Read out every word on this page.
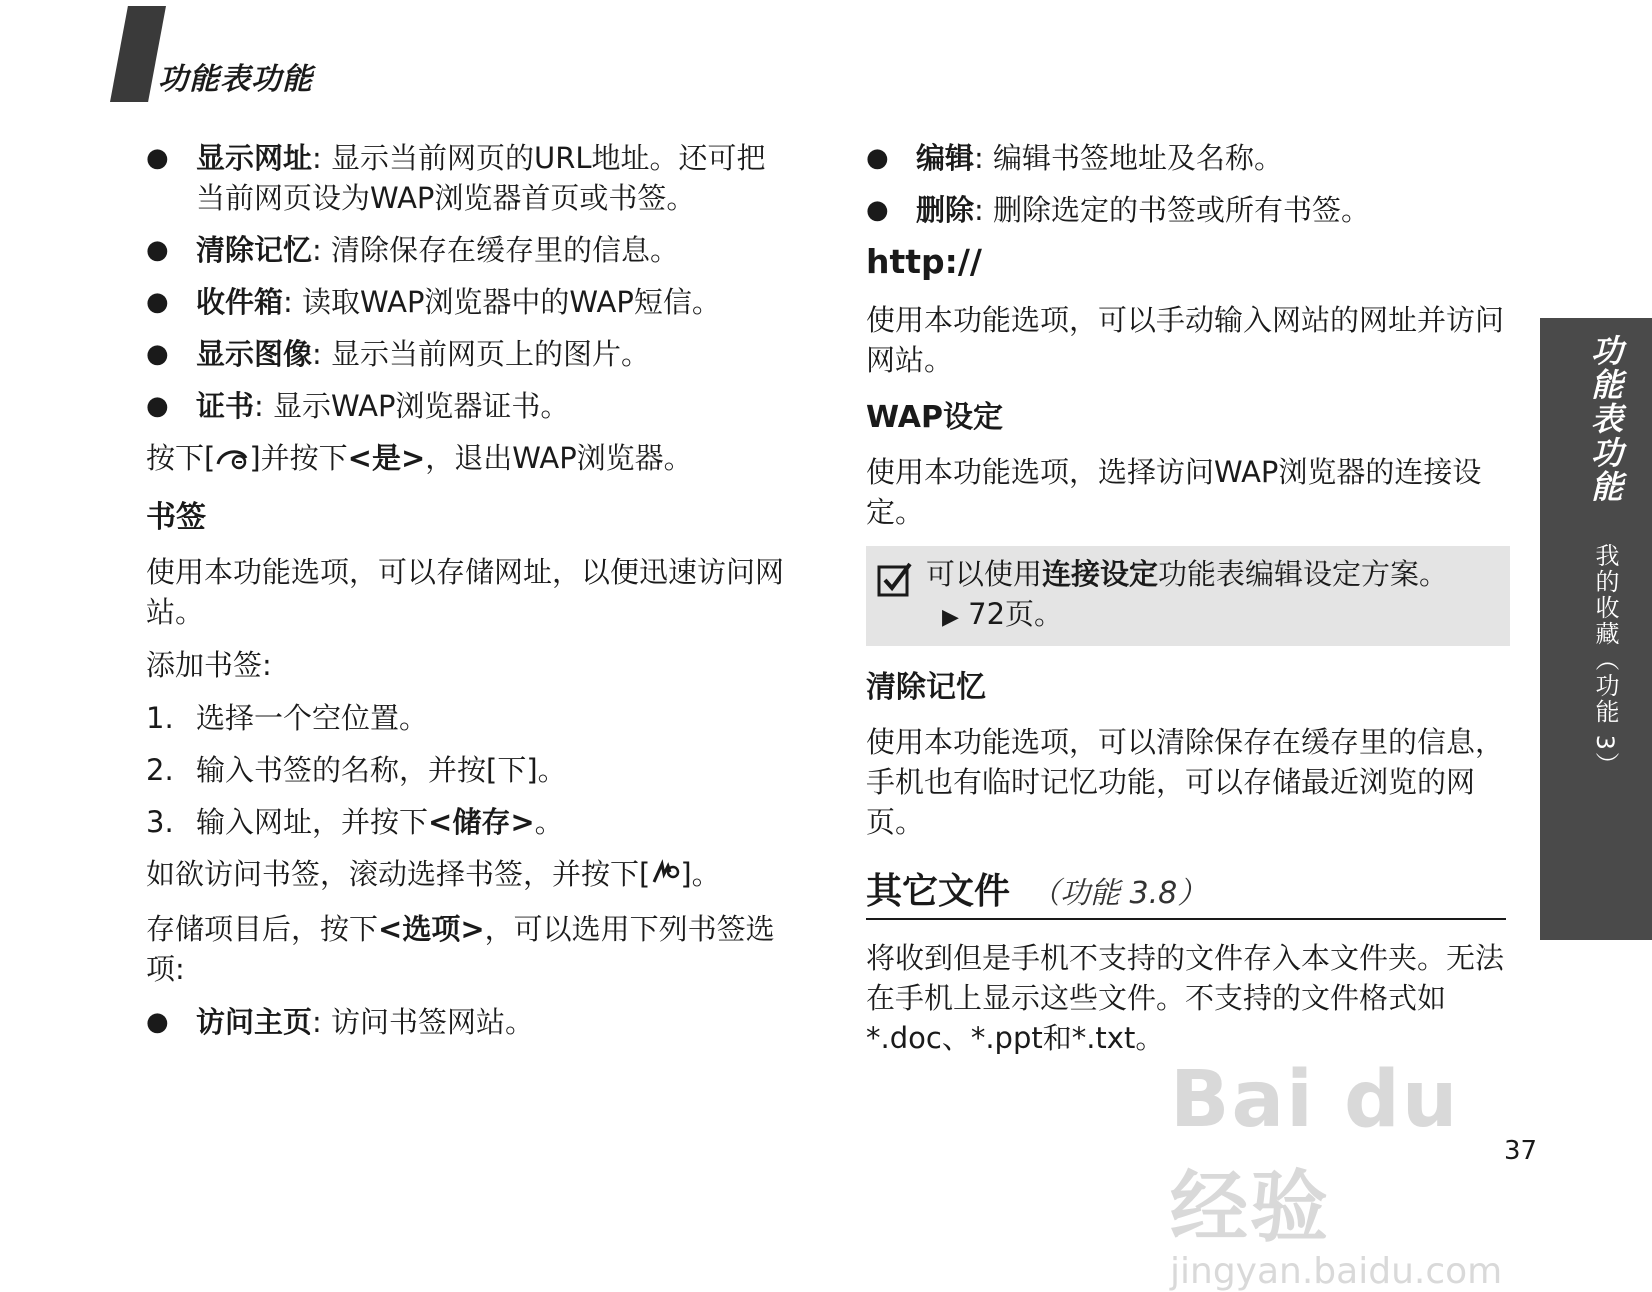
功能表功能
● 显示网址: 显示当前网页的URL地址。还可把当前网页设为WAP浏览器首页或书签。
● 清除记忆: 清除保存在缓存里的信息。
● 收件箱: 读取WAP浏览器中的WAP短信。
● 显示图像: 显示当前网页上的图片。
● 证书: 显示WAP浏览器证书。

按下[ ]并按下<是>，退出WAP浏览器。

书签

使用本功能选项，可以存储网址，以便迅速访问网站。

添加书签:

1. 选择一个空位置。
2. 输入书签的名称，并按[下]。
3. 输入网址，并按下<储存>。

如欲访问书签，滚动选择书签，并按下[ ]。

存储项目后，按下<选项>，可以选用下列书签选项:

● 访问主页: 访问书签网站。
● 编辑: 编辑书签地址及名称。
● 删除: 删除选定的书签或所有书签。
http://

使用本功能选项，可以手动输入网站的网址并访问网站。

WAP设定

使用本功能选项，选择访问WAP浏览器的连接设定。

可以使用连接设定功能表编辑设定方案。
▶ 72页。
清除记忆

使用本功能选项，可以清除保存在缓存里的信息，手机也有临时记忆功能，可以存储最近浏览的网页。

其它文件 （功能 3.8）

将收到但是手机不支持的文件存入本文件夹。无法在手机上显示这些文件。不支持的文件格式如*.doc、*.ppt和*.txt。

功能表功能 我的收藏（功能 3）
37
Bai du 经验
jingyan.baidu.com
